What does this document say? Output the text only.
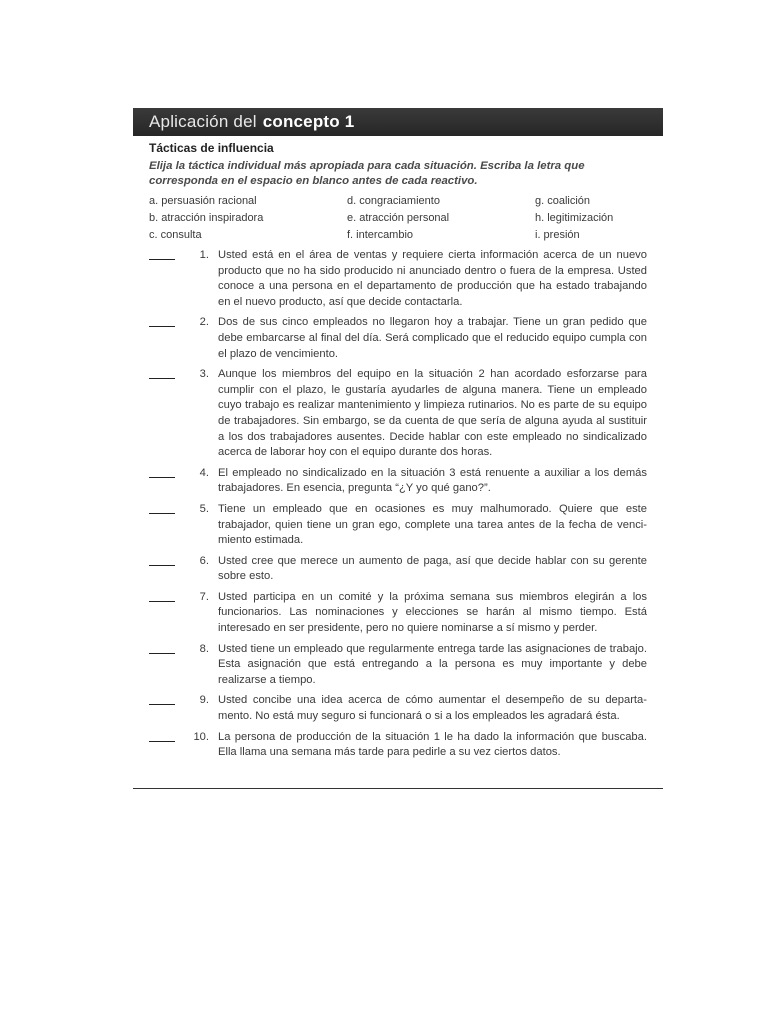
Aplicación del concepto 1
Tácticas de influencia
Elija la táctica individual más apropiada para cada situación. Escriba la letra que corresponda en el espacio en blanco antes de cada reactivo.
a. persuasión racional	d. congraciamiento	g. coalición
b. atracción inspiradora	e. atracción personal	h. legitimización
c. consulta	f. intercambio	i. presión
1. Usted está en el área de ventas y requiere cierta información acerca de un nuevo producto que no ha sido producido ni anunciado dentro o fuera de la empresa. Usted conoce a una persona en el departamento de producción que ha estado trabajando en el nuevo producto, así que decide contactarla.
2. Dos de sus cinco empleados no llegaron hoy a trabajar. Tiene un gran pedido que debe embarcarse al final del día. Será complicado que el reducido equipo cumpla con el plazo de vencimiento.
3. Aunque los miembros del equipo en la situación 2 han acordado esforzarse para cumplir con el plazo, le gustaría ayudarles de alguna manera. Tiene un empleado cuyo trabajo es realizar mantenimiento y limpieza rutinarios. No es parte de su equipo de trabajadores. Sin embargo, se da cuenta de que sería de alguna ayuda al sustituir a los dos trabajadores ausentes. Decide hablar con este empleado no sindicalizado acerca de laborar hoy con el equipo durante dos horas.
4. El empleado no sindicalizado en la situación 3 está renuente a auxiliar a los demás trabajadores. En esencia, pregunta “¿Y yo qué gano?”.
5. Tiene un empleado que en ocasiones es muy malhumorado. Quiere que este trabajador, quien tiene un gran ego, complete una tarea antes de la fecha de venci-miento estimada.
6. Usted cree que merece un aumento de paga, así que decide hablar con su gerente sobre esto.
7. Usted participa en un comité y la próxima semana sus miembros elegirán a los funcionarios. Las nominaciones y elecciones se harán al mismo tiempo. Está interesado en ser presidente, pero no quiere nominarse a sí mismo y perder.
8. Usted tiene un empleado que regularmente entrega tarde las asignaciones de trabajo. Esta asignación que está entregando a la persona es muy importante y debe realizarse a tiempo.
9. Usted concibe una idea acerca de cómo aumentar el desempeño de su departa-mento. No está muy seguro si funcionará o si a los empleados les agradará ésta.
10. La persona de producción de la situación 1 le ha dado la información que buscaba. Ella llama una semana más tarde para pedirle a su vez ciertos datos.
